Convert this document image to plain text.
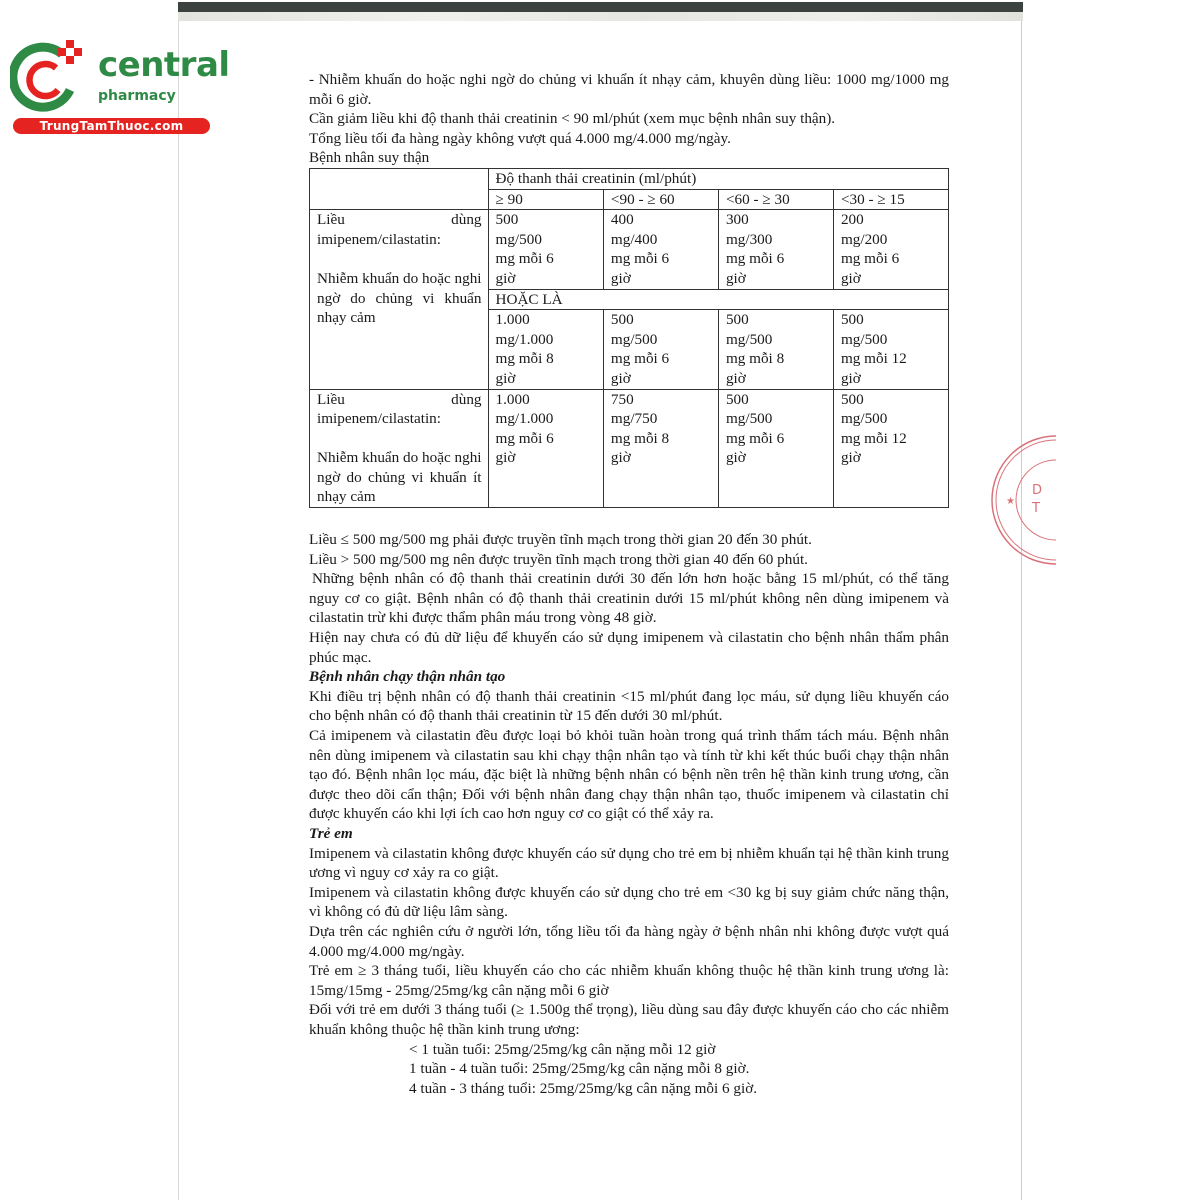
central
pharmacy
TrungTamThuoc.com

- Nhiễm khuẩn do hoặc nghi ngờ do chủng vi khuẩn ít nhạy cảm, khuyên dùng liều: 1000 mg/1000 mg mỗi 6 giờ.

Cần giảm liều khi độ thanh thải creatinin < 90 ml/phút (xem mục bệnh nhân suy thận).

Tổng liều tối đa hàng ngày không vượt quá 4.000 mg/4.000 mg/ngày.

Bệnh nhân suy thận

	Độ thanh thải creatinin (ml/phút)			
	≥ 90	<90 - ≥ 60	<60 - ≥ 30	<30 - ≥ 15

Liều dùng
imipenem/cilastatin:
Nhiễm khuẩn do hoặc nghi ngờ do chủng vi khuẩn nhạy cảm	500
mg/500
mg mỗi 6
giờ	400
mg/400
mg mỗi 6
giờ	300
mg/300
mg mỗi 6
giờ	200
mg/200
mg mỗi 6
giờ

	HOẶC LÀ			

	1.000
mg/1.000
mg mỗi 8
giờ	500
mg/500
mg mỗi 6
giờ	500
mg/500
mg mỗi 8
giờ	500
mg/500
mg mỗi 12
giờ

Liều dùng
imipenem/cilastatin:
Nhiễm khuẩn do hoặc nghi ngờ do chủng vi khuẩn ít nhạy cảm	1.000
mg/1.000
mg mỗi 6
giờ	750
mg/750
mg mỗi 8
giờ	500
mg/500
mg mỗi 6
giờ	500
mg/500
mg mỗi 12
giờ

Liều ≤ 500 mg/500 mg phải được truyền tĩnh mạch trong thời gian 20 đến 30 phút.

Liều > 500 mg/500 mg nên được truyền tĩnh mạch trong thời gian 40 đến 60 phút.

Những bệnh nhân có độ thanh thải creatinin dưới 30 đến lớn hơn hoặc bằng 15 ml/phút, có thể tăng nguy cơ co giật. Bệnh nhân có độ thanh thải creatinin dưới 15 ml/phút không nên dùng imipenem và cilastatin trừ khi được thẩm phân máu trong vòng 48 giờ.

Hiện nay chưa có đủ dữ liệu để khuyến cáo sử dụng imipenem và cilastatin cho bệnh nhân thẩm phân phúc mạc.

Bệnh nhân chạy thận nhân tạo

Khi điều trị bệnh nhân có độ thanh thải creatinin <15 ml/phút đang lọc máu, sử dụng liều khuyến cáo cho bệnh nhân có độ thanh thải creatinin từ 15 đến dưới 30 ml/phút.

Cả imipenem và cilastatin đều được loại bỏ khỏi tuần hoàn trong quá trình thẩm tách máu. Bệnh nhân nên dùng imipenem và cilastatin sau khi chạy thận nhân tạo và tính từ khi kết thúc buổi chạy thận nhân tạo đó. Bệnh nhân lọc máu, đặc biệt là những bệnh nhân có bệnh nền trên hệ thần kinh trung ương, cần được theo dõi cẩn thận; Đối với bệnh nhân đang chạy thận nhân tạo, thuốc imipenem và cilastatin chỉ được khuyến cáo khi lợi ích cao hơn nguy cơ co giật có thể xảy ra.

Trẻ em

Imipenem và cilastatin không được khuyến cáo sử dụng cho trẻ em bị nhiễm khuẩn tại hệ thần kinh trung ương vì nguy cơ xảy ra co giật.

Imipenem và cilastatin không được khuyến cáo sử dụng cho trẻ em <30 kg bị suy giảm chức năng thận, vì không có đủ dữ liệu lâm sàng.

Dựa trên các nghiên cứu ở người lớn, tổng liều tối đa hàng ngày ở bệnh nhân nhi không được vượt quá 4.000 mg/4.000 mg/ngày.

Trẻ em ≥ 3 tháng tuổi, liều khuyến cáo cho các nhiễm khuẩn không thuộc hệ thần kinh trung ương là: 15mg/15mg - 25mg/25mg/kg cân nặng mỗi 6 giờ

Đối với trẻ em dưới 3 tháng tuổi (≥ 1.500g thể trọng), liều dùng sau đây được khuyến cáo cho các nhiễm khuẩn không thuộc hệ thần kinh trung ương:

< 1 tuần tuổi: 25mg/25mg/kg cân nặng mỗi 12 giờ

1 tuần - 4 tuần tuổi: 25mg/25mg/kg cân nặng mỗi 8 giờ.

4 tuần - 3 tháng tuổi: 25mg/25mg/kg cân nặng mỗi 6 giờ.

★
D
T
